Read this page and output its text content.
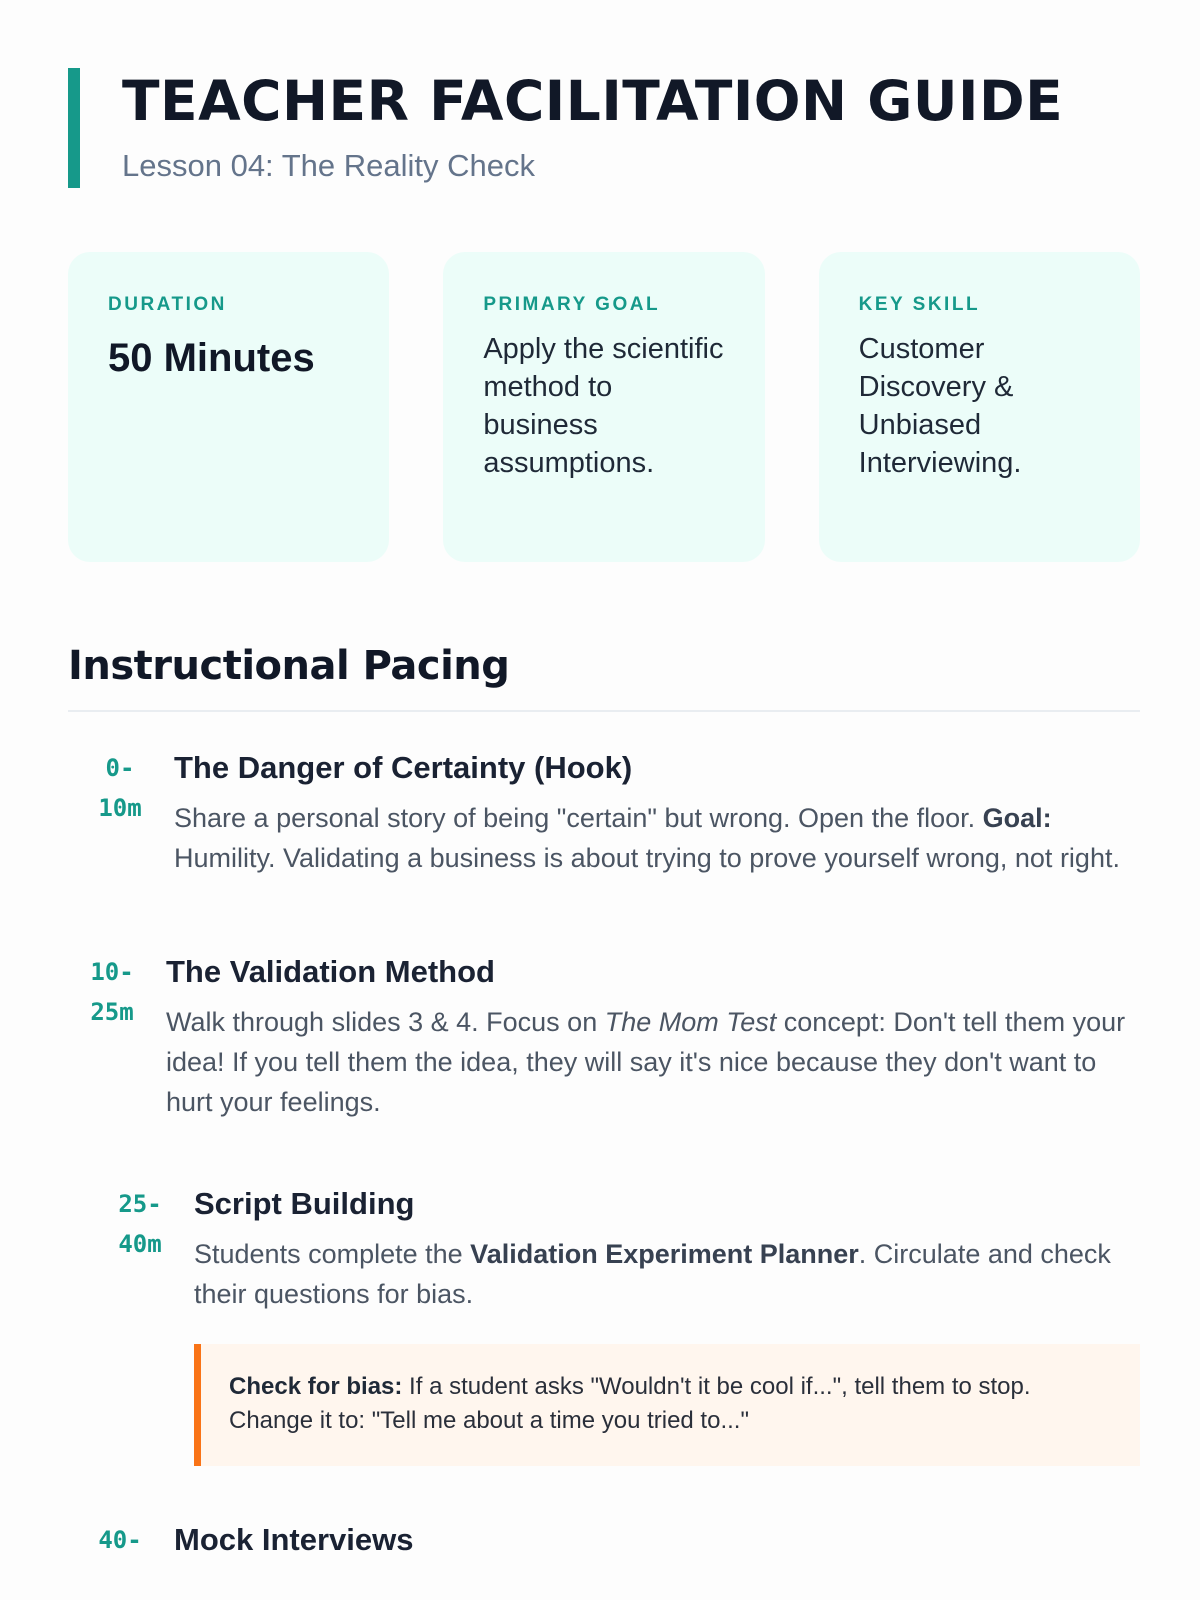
TEACHER FACILITATION GUIDE

Lesson 04: The Reality Check

DURATION
50 Minutes
PRIMARY GOAL
Apply the scientific method to business assumptions.
KEY SKILL
Customer Discovery & Unbiased Interviewing.
Instructional Pacing
0-
10m
The Danger of Certainty (Hook)
Share a personal story of being "certain" but wrong. Open the floor. Goal: Humility. Validating a business is about trying to prove yourself wrong, not right.
10-
25m
The Validation Method
Walk through slides 3 & 4. Focus on The Mom Test concept: Don't tell them your idea! If you tell them the idea, they will say it's nice because they don't want to hurt your feelings.
25-
40m
Script Building
Students complete the Validation Experiment Planner. Circulate and check their questions for bias.
Check for bias: If a student asks "Wouldn't it be cool if...", tell them to stop. Change it to: "Tell me about a time you tried to..."
40-	Mock Interviews
